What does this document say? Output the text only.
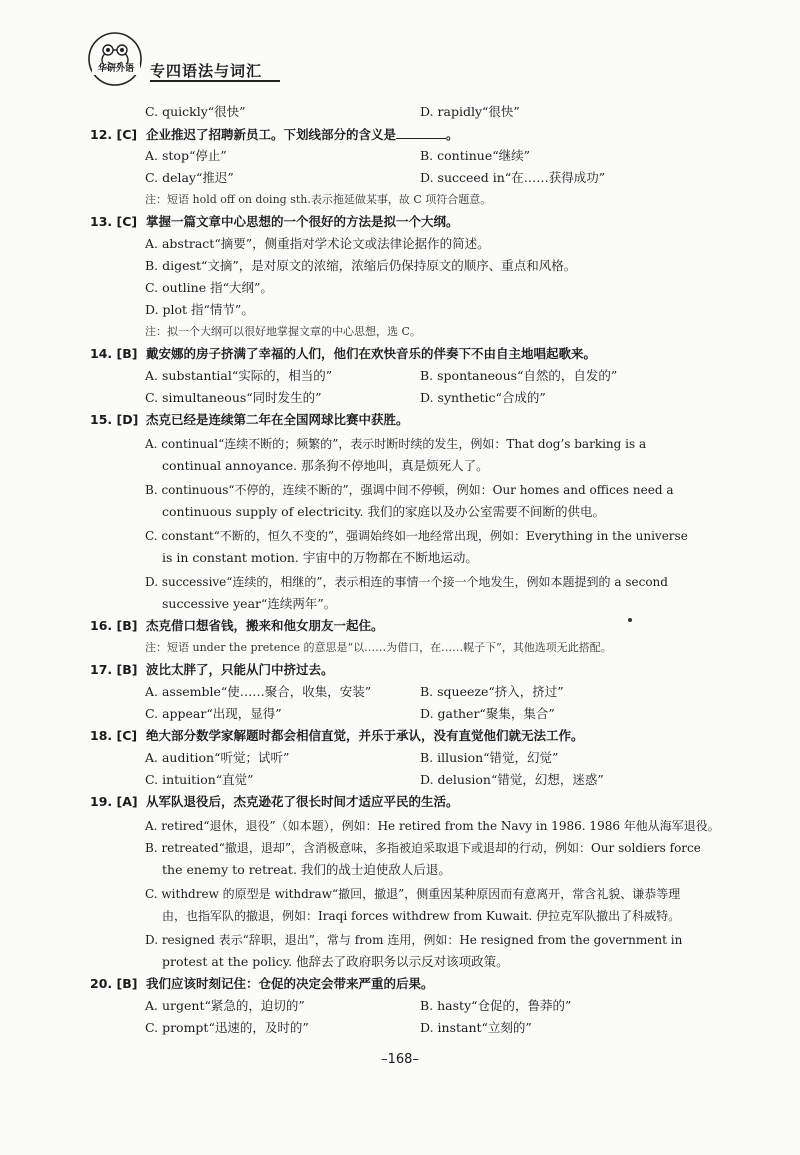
华研外语	专四语法与词汇
C. quickly“很快”	D. rapidly“很快”
12. [C] 企业推迟了招聘新员工。下划线部分的含义是	。
A. stop“停止”	B. continue“继续”
C. delay“推迟”	D. succeed in“在……获得成功”
注：短语 hold off on doing sth.表示拖延做某事，故 C 项符合题意。
13. [C] 掌握一篇文章中心思想的一个很好的方法是拟一个大纲。
A. abstract“摘要”，侧重指对学术论文或法律论据作的简述。
B. digest“文摘”，是对原文的浓缩，浓缩后仍保持原文的顺序、重点和风格。
C. outline 指“大纲”。
D. plot 指“情节”。
注：拟一个大纲可以很好地掌握文章的中心思想，选 C。
14. [B] 戴安娜的房子挤满了幸福的人们，他们在欢快音乐的伴奏下不由自主地唱起歌来。
A. substantial“实际的，相当的”	B. spontaneous“自然的，自发的”
C. simultaneous“同时发生的”	D. synthetic“合成的”
15. [D] 杰克已经是连续第二年在全国网球比赛中获胜。
A. continual“连续不断的；频繁的”，表示时断时续的发生，例如：That dog’s barking is a
continual annoyance. 那条狗不停地叫，真是烦死人了。
B. continuous“不停的，连续不断的”，强调中间不停顿，例如：Our homes and offices need a
continuous supply of electricity. 我们的家庭以及办公室需要不间断的供电。
C. constant“不断的，恒久不变的”，强调始终如一地经常出现，例如：Everything in the universe
is in constant motion. 宇宙中的万物都在不断地运动。
D. successive“连续的，相继的”，表示相连的事情一个接一个地发生，例如本题提到的 a second
successive year“连续两年”。
16. [B] 杰克借口想省钱，搬来和他女朋友一起住。
注：短语 under the pretence 的意思是“以……为借口，在……幌子下”，其他选项无此搭配。
17. [B] 波比太胖了，只能从门中挤过去。
A. assemble“使……聚合，收集，安装”	B. squeeze“挤入，挤过”
C. appear“出现，显得”	D. gather“聚集，集合”
18. [C] 绝大部分数学家解题时都会相信直觉，并乐于承认，没有直觉他们就无法工作。
A. audition“听觉；试听”	B. illusion“错觉，幻觉”
C. intuition“直觉”	D. delusion“错觉，幻想，迷惑”
19. [A] 从军队退役后，杰克逊花了很长时间才适应平民的生活。
A. retired“退休，退役”（如本题），例如：He retired from the Navy in 1986. 1986 年他从海军退役。
B. retreated“撤退，退却”，含消极意味，多指被迫采取退下或退却的行动，例如：Our soldiers force
the enemy to retreat. 我们的战士迫使敌人后退。
C. withdrew 的原型是 withdraw“撤回，撤退”，侧重因某种原因而有意离开，常含礼貌、谦恭等理
由，也指军队的撤退，例如：Iraqi forces withdrew from Kuwait. 伊拉克军队撤出了科威特。
D. resigned 表示“辞职，退出”，常与 from 连用，例如：He resigned from the government in
protest at the policy. 他辞去了政府职务以示反对该项政策。
20. [B] 我们应该时刻记住：仓促的决定会带来严重的后果。
A. urgent“紧急的，迫切的”	B. hasty“仓促的，鲁莽的”
C. prompt“迅速的，及时的”	D. instant“立刻的”
–168–
